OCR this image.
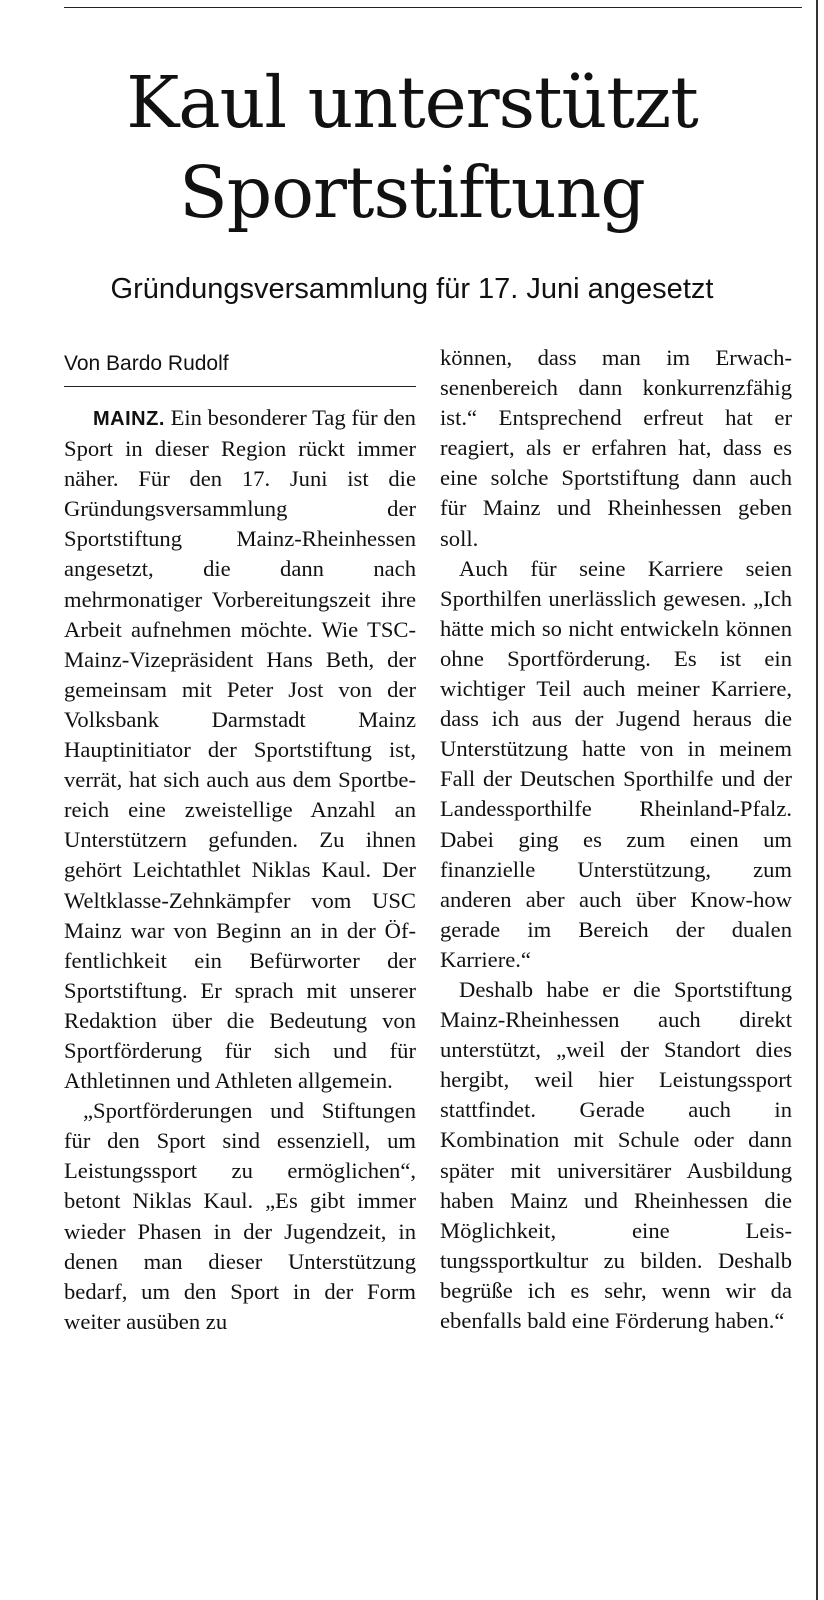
Kaul unterstützt
Sportstiftung
Gründungsversammlung für 17. Juni angesetzt
Von Bardo Rudolf

MAINZ. Ein besonderer Tag für den Sport in dieser Region rückt immer näher. Für den 17. Juni ist die Gründungsversammlung der Sportstiftung Mainz-Rheinhessen angesetzt, die dann nach mehrmonatiger Vorbereitungszeit ihre Arbeit aufnehmen möchte. Wie TSC-Mainz-Vizepräsident Hans Beth, der gemeinsam mit Peter Jost von der Volksbank Darmstadt Mainz Hauptinitiator der Sportstiftung ist, verrät, hat sich auch aus dem Sportbereich eine zweistellige Anzahl an Unterstützern gefunden. Zu ihnen gehört Leichtathlet Niklas Kaul. Der Weltklasse-Zehnkämpfer vom USC Mainz war von Beginn an in der Öffentlichkeit ein Befürworter der Sportstiftung. Er sprach mit unserer Redaktion über die Bedeutung von Sportförderung für sich und für Athletinnen und Athleten allgemein.

„Sportförderungen und Stiftungen für den Sport sind essenziell, um Leistungssport zu ermöglichen“, betont Niklas Kaul. „Es gibt immer wieder Phasen in der Jugendzeit, in denen man dieser Unterstützung bedarf, um den Sport in der Form weiter ausüben zu

können, dass man im Erwachsenenbereich dann konkurrenzfähig ist.“ Entsprechend erfreut hat er reagiert, als er erfahren hat, dass es eine solche Sportstiftung dann auch für Mainz und Rheinhessen geben soll.

Auch für seine Karriere seien Sporthilfen unerlässlich gewesen. „Ich hätte mich so nicht entwickeln können ohne Sportförderung. Es ist ein wichtiger Teil auch meiner Karriere, dass ich aus der Jugend heraus die Unterstützung hatte von in meinem Fall der Deutschen Sporthilfe und der Landessporthilfe Rheinland-Pfalz. Dabei ging es zum einen um finanzielle Unterstützung, zum anderen aber auch über Know-how gerade im Bereich der dualen Karriere.“

Deshalb habe er die Sportstiftung Mainz-Rheinhessen auch direkt unterstützt, „weil der Standort dies hergibt, weil hier Leistungssport stattfindet. Gerade auch in Kombination mit Schule oder dann später mit universitärer Ausbildung haben Mainz und Rheinhessen die Möglichkeit, eine Leistungssportkultur zu bilden. Deshalb begrüße ich es sehr, wenn wir da ebenfalls bald eine Förderung haben.“
